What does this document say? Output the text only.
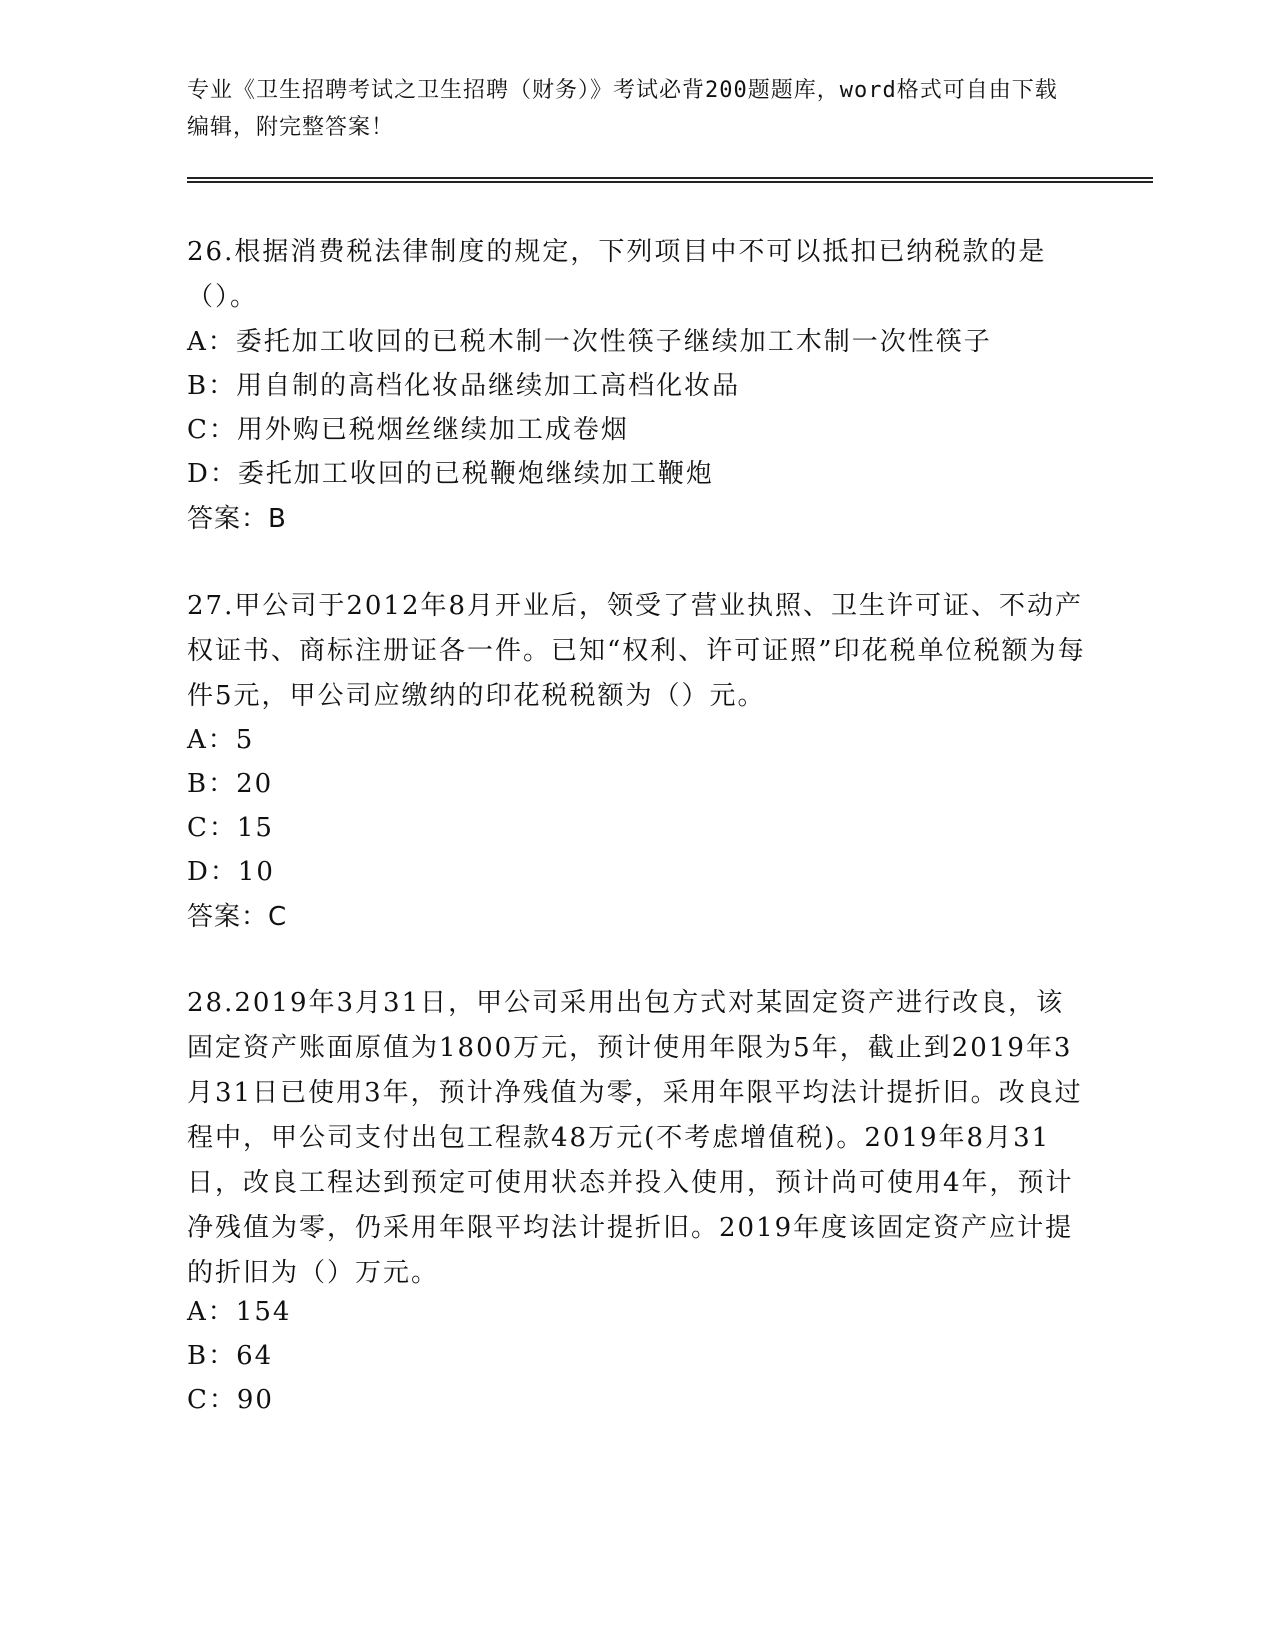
专业《卫生招聘考试之卫生招聘（财务）》考试必背200题题库，word格式可自由下载编辑，附完整答案！
26.根据消费税法律制度的规定，下列项目中不可以抵扣已纳税款的是（）。
A：委托加工收回的已税木制一次性筷子继续加工木制一次性筷子
B：用自制的高档化妆品继续加工高档化妆品
C：用外购已税烟丝继续加工成卷烟
D：委托加工收回的已税鞭炮继续加工鞭炮
答案：B
27.甲公司于2012年8月开业后，领受了营业执照、卫生许可证、不动产权证书、商标注册证各一件。已知“权利、许可证照”印花税单位税额为每件5元，甲公司应缴纳的印花税税额为（）元。
A：5
B：20
C：15
D：10
答案：C
28.2019年3月31日，甲公司采用出包方式对某固定资产进行改良，该固定资产账面原值为1800万元，预计使用年限为5年，截止到2019年3月31日已使用3年，预计净残值为零，采用年限平均法计提折旧。改良过程中，甲公司支付出包工程款48万元(不考虑增值税)。2019年8月31日，改良工程达到预定可使用状态并投入使用，预计尚可使用4年，预计净残值为零，仍采用年限平均法计提折旧。2019年度该固定资产应计提的折旧为（）万元。
A：154
B：64
C：90
